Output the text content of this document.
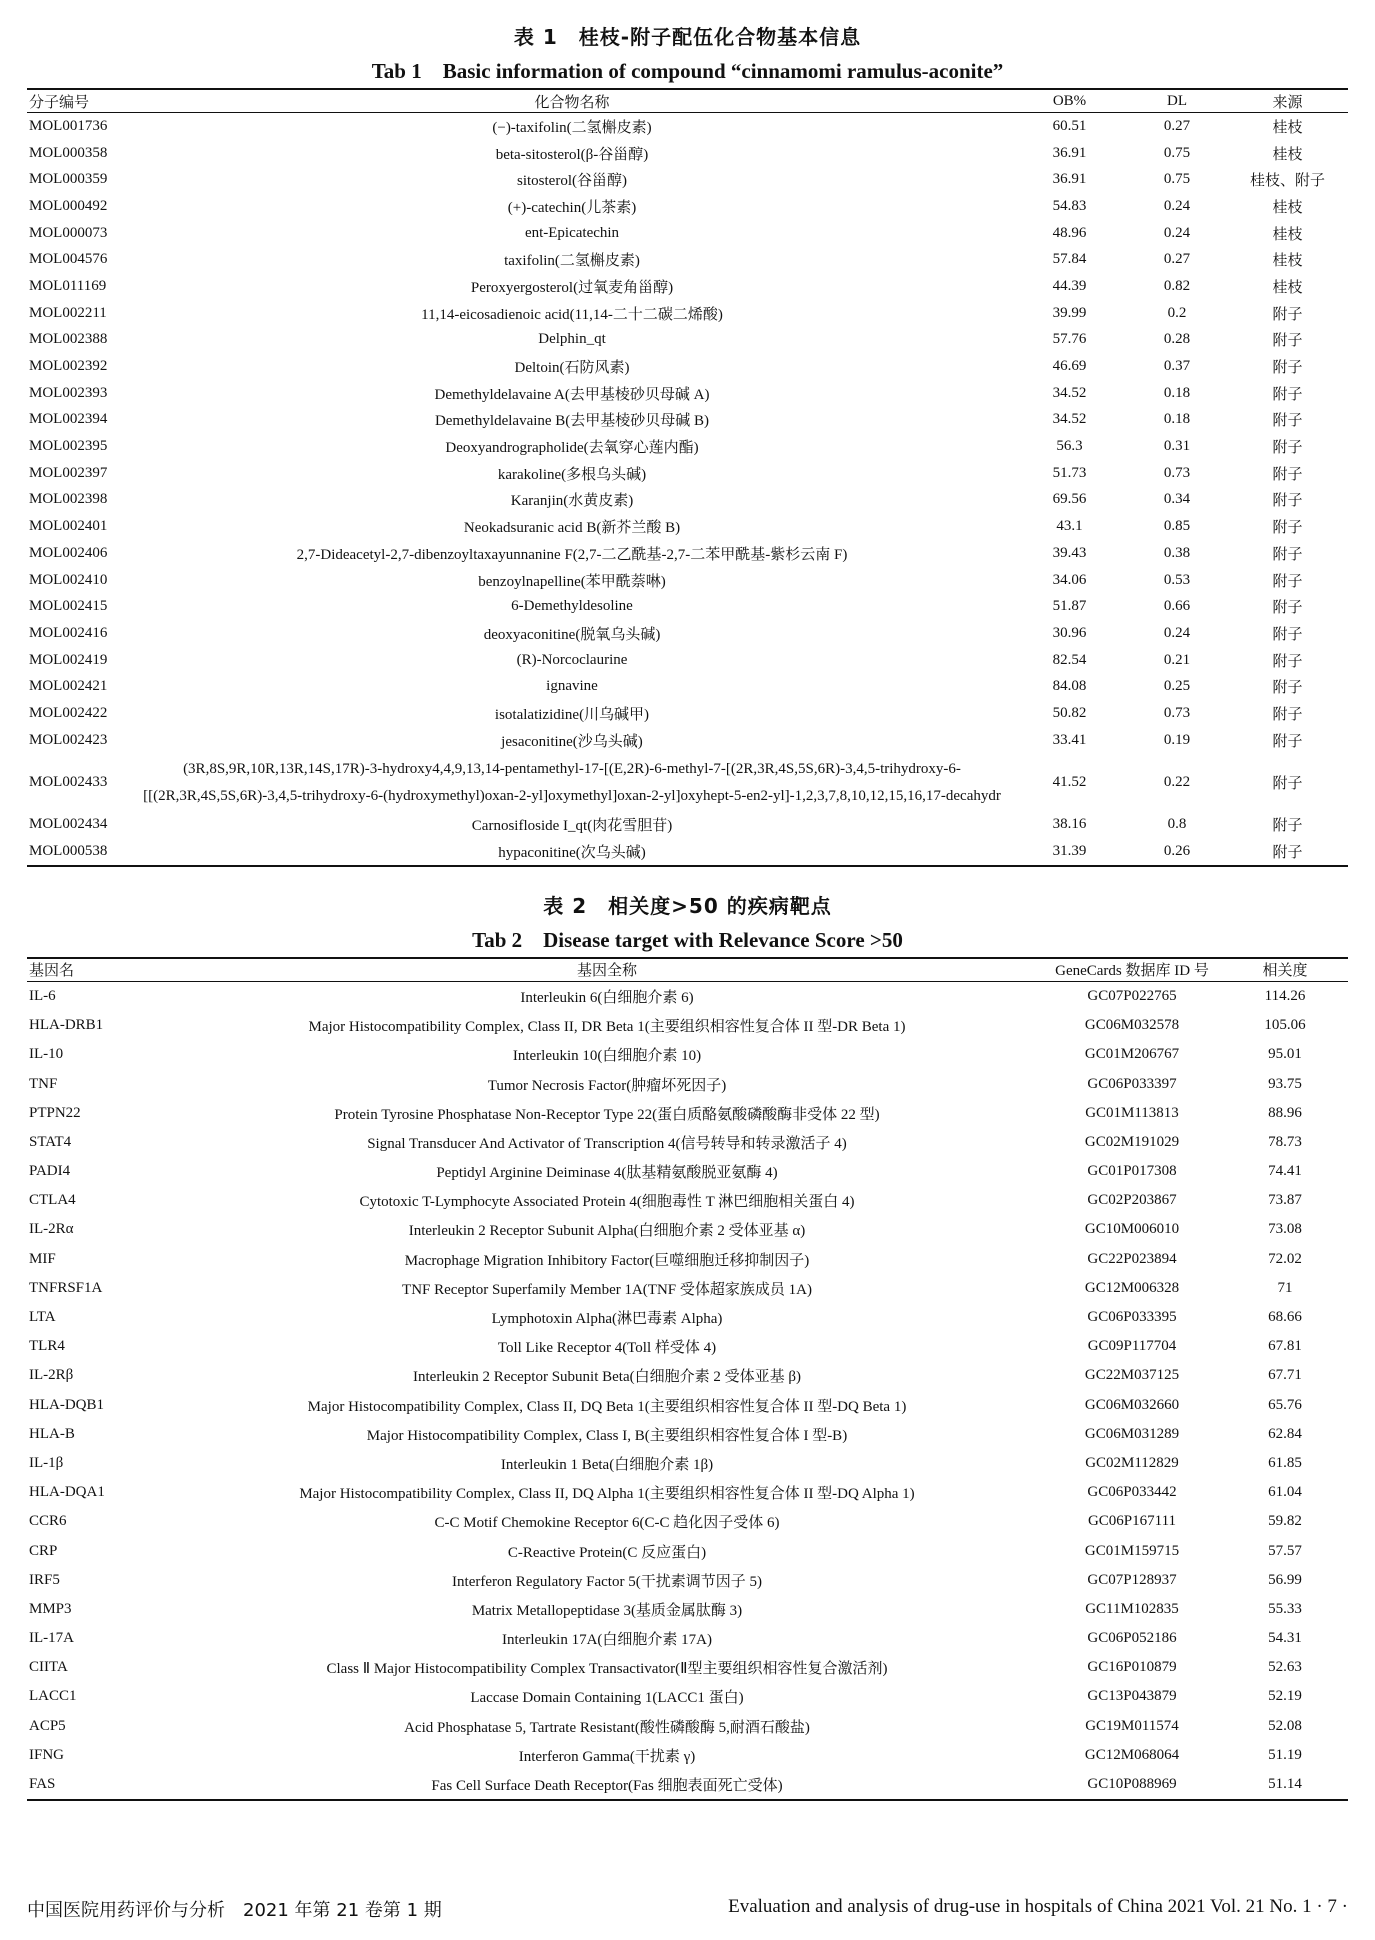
表 1　桂枝-附子配伍化合物基本信息
Tab 1　Basic information of compound “cinnamomi ramulus-aconite”
分子编号	化合物名称	OB%	DL	来源
MOL001736	(−)-taxifolin(二氢槲皮素)	60.51	0.27	桂枝
MOL000358	beta-sitosterol(β-谷甾醇)	36.91	0.75	桂枝
MOL000359	sitosterol(谷甾醇)	36.91	0.75	桂枝、附子
MOL000492	(+)-catechin(儿茶素)	54.83	0.24	桂枝
MOL000073	ent-Epicatechin	48.96	0.24	桂枝
MOL004576	taxifolin(二氢槲皮素)	57.84	0.27	桂枝
MOL011169	Peroxyergosterol(过氧麦角甾醇)	44.39	0.82	桂枝
MOL002211	11,14-eicosadienoic acid(11,14-二十二碳二烯酸)	39.99	0.2	附子
MOL002388	Delphin_qt	57.76	0.28	附子
MOL002392	Deltoin(石防风素)	46.69	0.37	附子
MOL002393	Demethyldelavaine A(去甲基棱砂贝母碱 A)	34.52	0.18	附子
MOL002394	Demethyldelavaine B(去甲基棱砂贝母碱 B)	34.52	0.18	附子
MOL002395	Deoxyandrographolide(去氧穿心莲内酯)	56.3	0.31	附子
MOL002397	karakoline(多根乌头碱)	51.73	0.73	附子
MOL002398	Karanjin(水黄皮素)	69.56	0.34	附子
MOL002401	Neokadsuranic acid B(新芥兰酸 B)	43.1	0.85	附子
MOL002406	2,7-Dideacetyl-2,7-dibenzoyltaxayunnanine F(2,7-二乙酰基-2,7-二苯甲酰基-紫杉云南 F)	39.43	0.38	附子
MOL002410	benzoylnapelline(苯甲酰萘啉)	34.06	0.53	附子
MOL002415	6-Demethyldesoline	51.87	0.66	附子
MOL002416	deoxyaconitine(脱氧乌头碱)	30.96	0.24	附子
MOL002419	(R)-Norcoclaurine	82.54	0.21	附子
MOL002421	ignavine	84.08	0.25	附子
MOL002422	isotalatizidine(川乌碱甲)	50.82	0.73	附子
MOL002423	jesaconitine(沙乌头碱)	33.41	0.19	附子
MOL002433	(3R,8S,9R,10R,13R,14S,17R)-3-hydroxy4,4,9,13,14-pentamethyl-17-[(E,2R)-6-methyl-7-[(2R,3R,4S,5S,6R)-3,4,5-trihydroxy-6-[[(2R,3R,4S,5S,6R)-3,4,5-trihydroxy-6-(hydroxymethyl)oxan-2-yl]oxymethyl]oxan-2-yl]oxyhept-5-en2-yl]-1,2,3,7,8,10,12,15,16,17-decahydr	41.52	0.22	附子
MOL002434	Carnosifloside I_qt(肉花雪胆苷)	38.16	0.8	附子
MOL000538	hypaconitine(次乌头碱)	31.39	0.26	附子
表 2　相关度>50 的疾病靶点
Tab 2　Disease target with Relevance Score >50
基因名	基因全称	GeneCards 数据库 ID 号	相关度
IL-6	Interleukin 6(白细胞介素 6)	GC07P022765	114.26
HLA-DRB1	Major Histocompatibility Complex, Class II, DR Beta 1(主要组织相容性复合体 II 型-DR Beta 1)	GC06M032578	105.06
IL-10	Interleukin 10(白细胞介素 10)	GC01M206767	95.01
TNF	Tumor Necrosis Factor(肿瘤坏死因子)	GC06P033397	93.75
PTPN22	Protein Tyrosine Phosphatase Non-Receptor Type 22(蛋白质酪氨酸磷酸酶非受体 22 型)	GC01M113813	88.96
STAT4	Signal Transducer And Activator of Transcription 4(信号转导和转录激活子 4)	GC02M191029	78.73
PADI4	Peptidyl Arginine Deiminase 4(肽基精氨酸脱亚氨酶 4)	GC01P017308	74.41
CTLA4	Cytotoxic T-Lymphocyte Associated Protein 4(细胞毒性 T 淋巴细胞相关蛋白 4)	GC02P203867	73.87
IL-2Rα	Interleukin 2 Receptor Subunit Alpha(白细胞介素 2 受体亚基 α)	GC10M006010	73.08
MIF	Macrophage Migration Inhibitory Factor(巨噬细胞迁移抑制因子)	GC22P023894	72.02
TNFRSF1A	TNF Receptor Superfamily Member 1A(TNF 受体超家族成员 1A)	GC12M006328	71
LTA	Lymphotoxin Alpha(淋巴毒素 Alpha)	GC06P033395	68.66
TLR4	Toll Like Receptor 4(Toll 样受体 4)	GC09P117704	67.81
IL-2Rβ	Interleukin 2 Receptor Subunit Beta(白细胞介素 2 受体亚基 β)	GC22M037125	67.71
HLA-DQB1	Major Histocompatibility Complex, Class II, DQ Beta 1(主要组织相容性复合体 II 型-DQ Beta 1)	GC06M032660	65.76
HLA-B	Major Histocompatibility Complex, Class I, B(主要组织相容性复合体 I 型-B)	GC06M031289	62.84
IL-1β	Interleukin 1 Beta(白细胞介素 1β)	GC02M112829	61.85
HLA-DQA1	Major Histocompatibility Complex, Class II, DQ Alpha 1(主要组织相容性复合体 II 型-DQ Alpha 1)	GC06P033442	61.04
CCR6	C-C Motif Chemokine Receptor 6(C-C 趋化因子受体 6)	GC06P167111	59.82
CRP	C-Reactive Protein(C 反应蛋白)	GC01M159715	57.57
IRF5	Interferon Regulatory Factor 5(干扰素调节因子 5)	GC07P128937	56.99
MMP3	Matrix Metallopeptidase 3(基质金属肽酶 3)	GC11M102835	55.33
IL-17A	Interleukin 17A(白细胞介素 17A)	GC06P052186	54.31
CIITA	Class Ⅱ Major Histocompatibility Complex Transactivator(Ⅱ型主要组织相容性复合激活剂)	GC16P010879	52.63
LACC1	Laccase Domain Containing 1(LACC1 蛋白)	GC13P043879	52.19
ACP5	Acid Phosphatase 5, Tartrate Resistant(酸性磷酸酶 5,耐酒石酸盐)	GC19M011574	52.08
IFNG	Interferon Gamma(干扰素 γ)	GC12M068064	51.19
FAS	Fas Cell Surface Death Receptor(Fas 细胞表面死亡受体)	GC10P088969	51.14
中国医院用药评价与分析　2021 年第 21 卷第 1 期	Evaluation and analysis of drug-use in hospitals of China 2021 Vol. 21 No. 1 · 7 ·
